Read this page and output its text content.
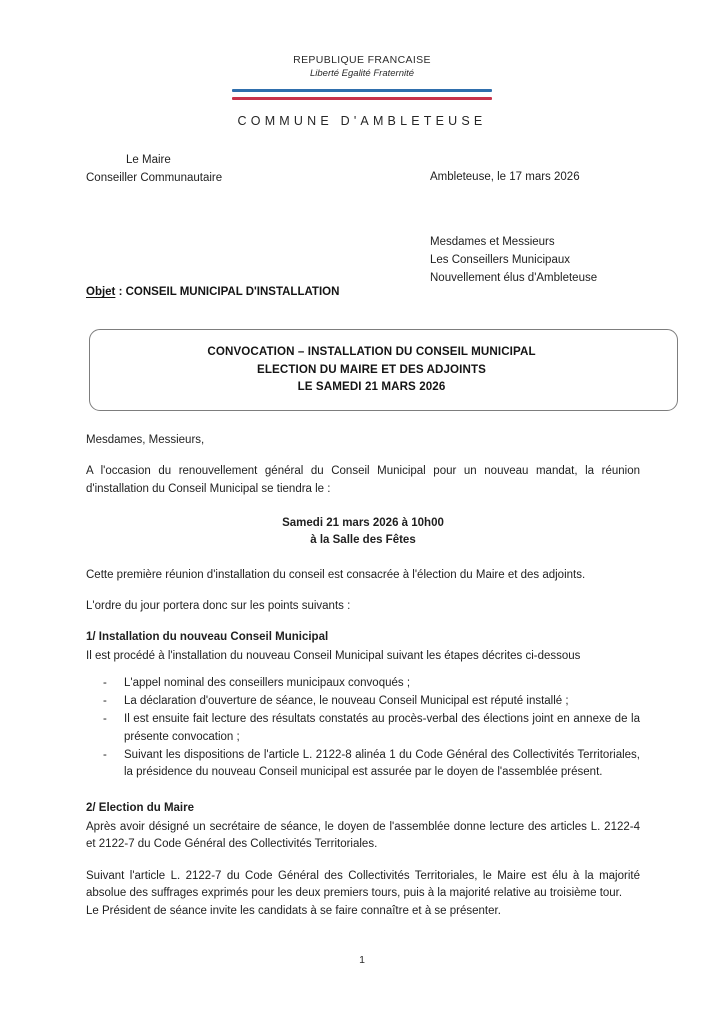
REPUBLIQUE FRANCAISE
Liberté Egalité Fraternité
COMMUNE D'AMBLETEUSE
Le Maire
Conseiller Communautaire	Ambleteuse, le 17 mars 2026
Mesdames et Messieurs
Les Conseillers Municipaux
Nouvellement élus d'Ambleteuse
Objet : CONSEIL MUNICIPAL D'INSTALLATION
CONVOCATION – INSTALLATION DU CONSEIL MUNICIPAL
ELECTION DU MAIRE ET DES ADJOINTS
LE SAMEDI 21 MARS 2026

Mesdames, Messieurs,

A l'occasion du renouvellement général du Conseil Municipal pour un nouveau mandat, la réunion d'installation du Conseil Municipal se tiendra le :

Samedi 21 mars 2026 à 10h00
à la Salle des Fêtes

Cette première réunion d'installation du conseil est consacrée à l'élection du Maire et des adjoints.

L'ordre du jour portera donc sur les points suivants :

1/ Installation du nouveau Conseil Municipal

Il est procédé à l'installation du nouveau Conseil Municipal suivant les étapes décrites ci-dessous

- L'appel nominal des conseillers municipaux convoqués ;
- La déclaration d'ouverture de séance, le nouveau Conseil Municipal est réputé installé ;
- Il est ensuite fait lecture des résultats constatés au procès-verbal des élections joint en annexe de la présente convocation ;
- Suivant les dispositions de l'article L. 2122-8 alinéa 1 du Code Général des Collectivités Territoriales, la présidence du nouveau Conseil municipal est assurée par le doyen de l'assemblée présent.
2/ Election du Maire

Après avoir désigné un secrétaire de séance, le doyen de l'assemblée donne lecture des articles L. 2122-4 et 2122-7 du Code Général des Collectivités Territoriales.

Suivant l'article L. 2122-7 du Code Général des Collectivités Territoriales, le Maire est élu à la majorité absolue des suffrages exprimés pour les deux premiers tours, puis à la majorité relative au troisième tour.

Le Président de séance invite les candidats à se faire connaître et à se présenter.

1
